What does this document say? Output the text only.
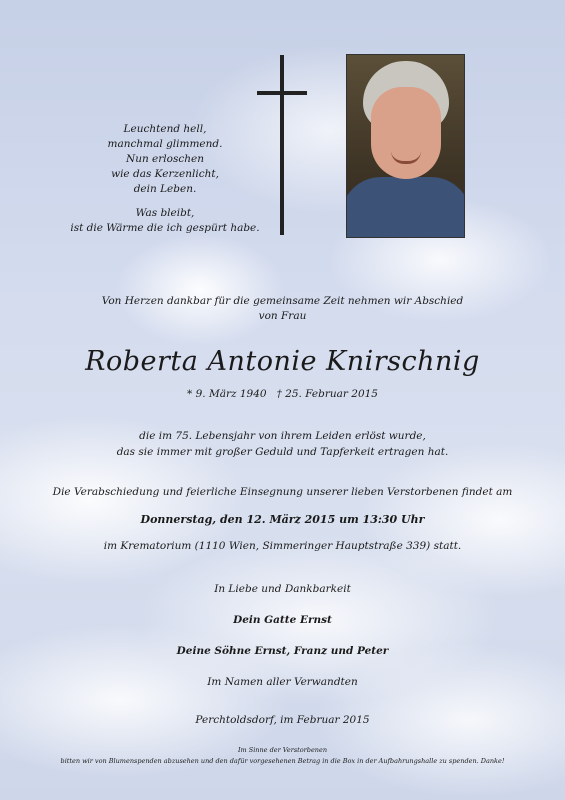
Leuchtend hell,
manchmal glimmend.
Nun erloschen
wie das Kerzenlicht,
dein Leben.

Was bleibt,
ist die Wärme die ich gespürt habe.

Von Herzen dankbar für die gemeinsame Zeit nehmen wir Abschied
von Frau
Roberta Antonie Knirschnig
* 9. März 1940   † 25. Februar 2015
die im 75. Lebensjahr von ihrem Leiden erlöst wurde,
das sie immer mit großer Geduld und Tapferkeit ertragen hat.
Die Verabschiedung und feierliche Einsegnung unserer lieben Verstorbenen findet am
Donnerstag, den 12. März 2015 um 13:30 Uhr
im Krematorium (1110 Wien, Simmeringer Hauptstraße 339) statt.
In Liebe und Dankbarkeit
Dein Gatte Ernst
Deine Söhne Ernst, Franz und Peter
Im Namen aller Verwandten
Perchtoldsdorf, im Februar 2015
Im Sinne der Verstorbenen
bitten wir von Blumenspenden abzusehen und den dafür vorgesehenen Betrag in die Box in der Aufbahrungshalle zu spenden. Danke!
